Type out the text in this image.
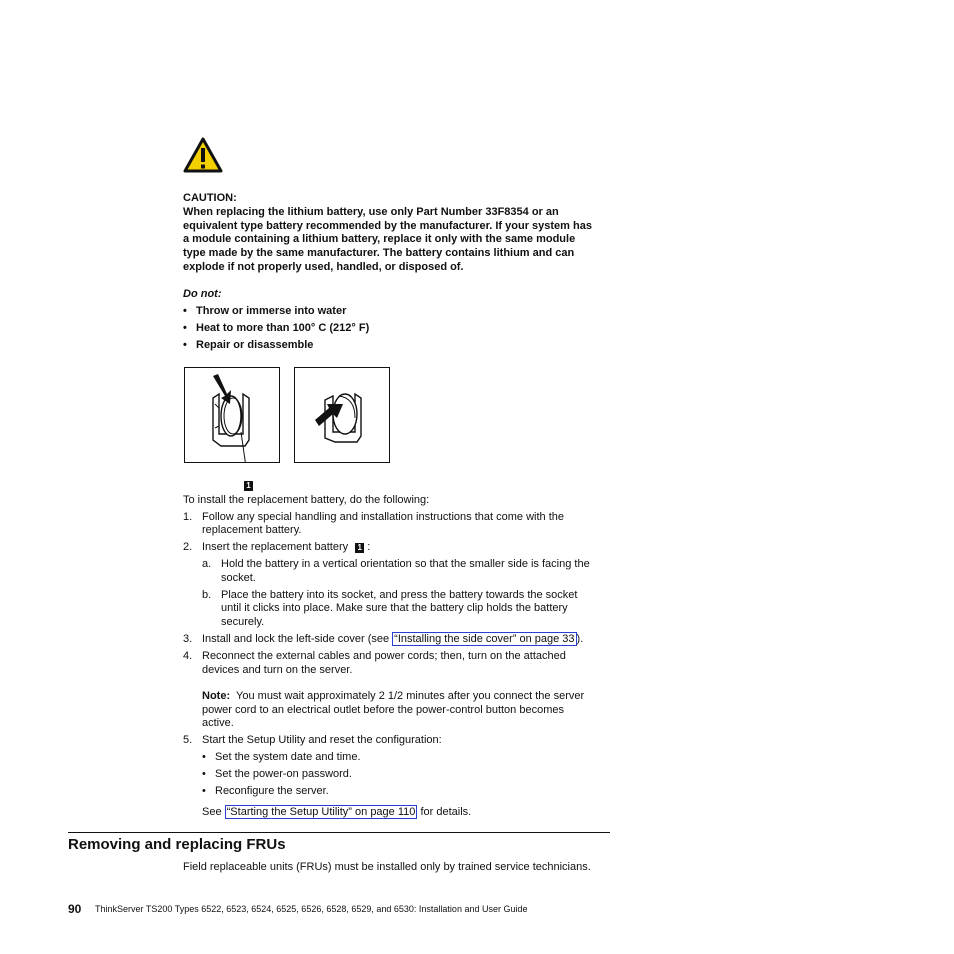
CAUTION:
When replacing the lithium battery, use only Part Number 33F8354 or an
equivalent type battery recommended by the manufacturer. If your system has
a module containing a lithium battery, replace it only with the same module
type made by the same manufacturer. The battery contains lithium and can
explode if not properly used, handled, or disposed of.
Do not:
• Throw or immerse into water
• Heat to more than 100° C (212° F)
• Repair or disassemble
1
To install the replacement battery, do the following:
1. Follow any special handling and installation instructions that come with the
replacement battery.
2. Insert the replacement battery 1 :
a. Hold the battery in a vertical orientation so that the smaller side is facing the
socket.
b. Place the battery into its socket, and press the battery towards the socket
until it clicks into place. Make sure that the battery clip holds the battery
securely.
3. Install and lock the left-side cover (see “Installing the side cover” on page 33 ).
4. Reconnect the external cables and power cords; then, turn on the attached
devices and turn on the server.
Note: You must wait approximately 2 1/2 minutes after you connect the server
power cord to an electrical outlet before the power-control button becomes
active.
5. Start the Setup Utility and reset the configuration:
• Set the system date and time.
• Set the power-on password.
• Reconfigure the server.
See “Starting the Setup Utility” on page 110 for details.
Removing and replacing FRUs
Field replaceable units (FRUs) must be installed only by trained service technicians.
90 ThinkServer TS200 Types 6522, 6523, 6524, 6525, 6526, 6528, 6529, and 6530: Installation and User Guide
